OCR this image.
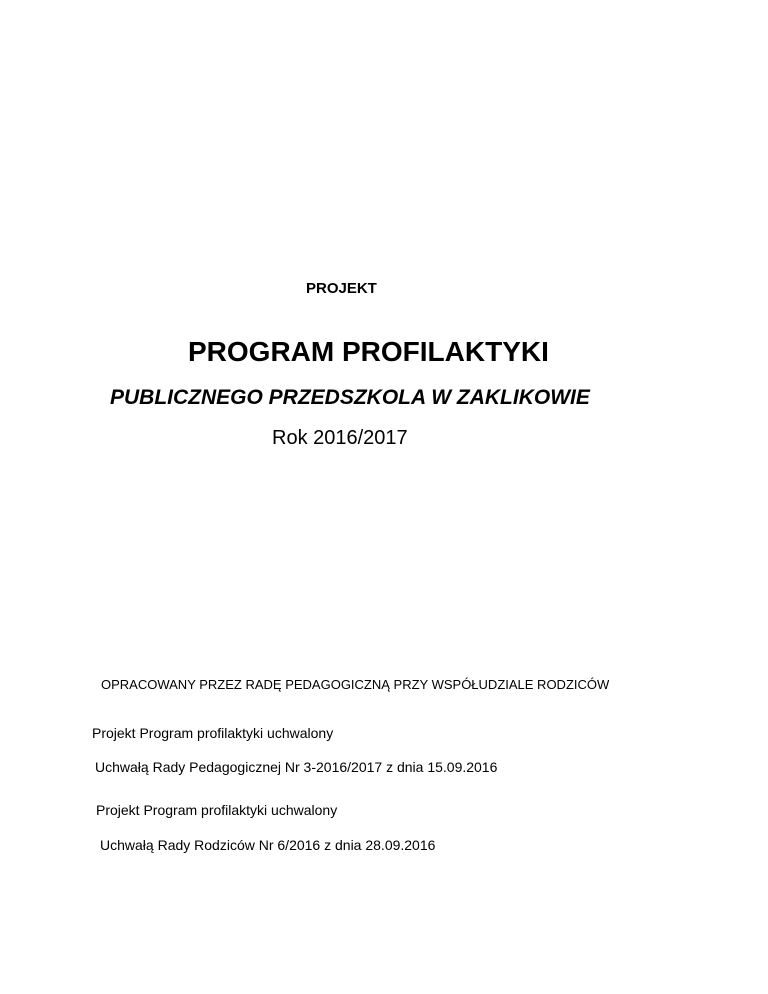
PROJEKT

PROGRAM PROFILAKTYKI
PUBLICZNEGO PRZEDSZKOLA W ZAKLIKOWIE

Rok 2016/2017

OPRACOWANY PRZEZ RADĘ PEDAGOGICZNĄ PRZY WSPÓŁUDZIALE RODZICÓW

Projekt Program profilaktyki uchwalony

Uchwałą Rady Pedagogicznej Nr 3-2016/2017 z dnia 15.09.2016

Projekt Program profilaktyki uchwalony

Uchwałą Rady Rodziców Nr 6/2016 z dnia 28.09.2016
